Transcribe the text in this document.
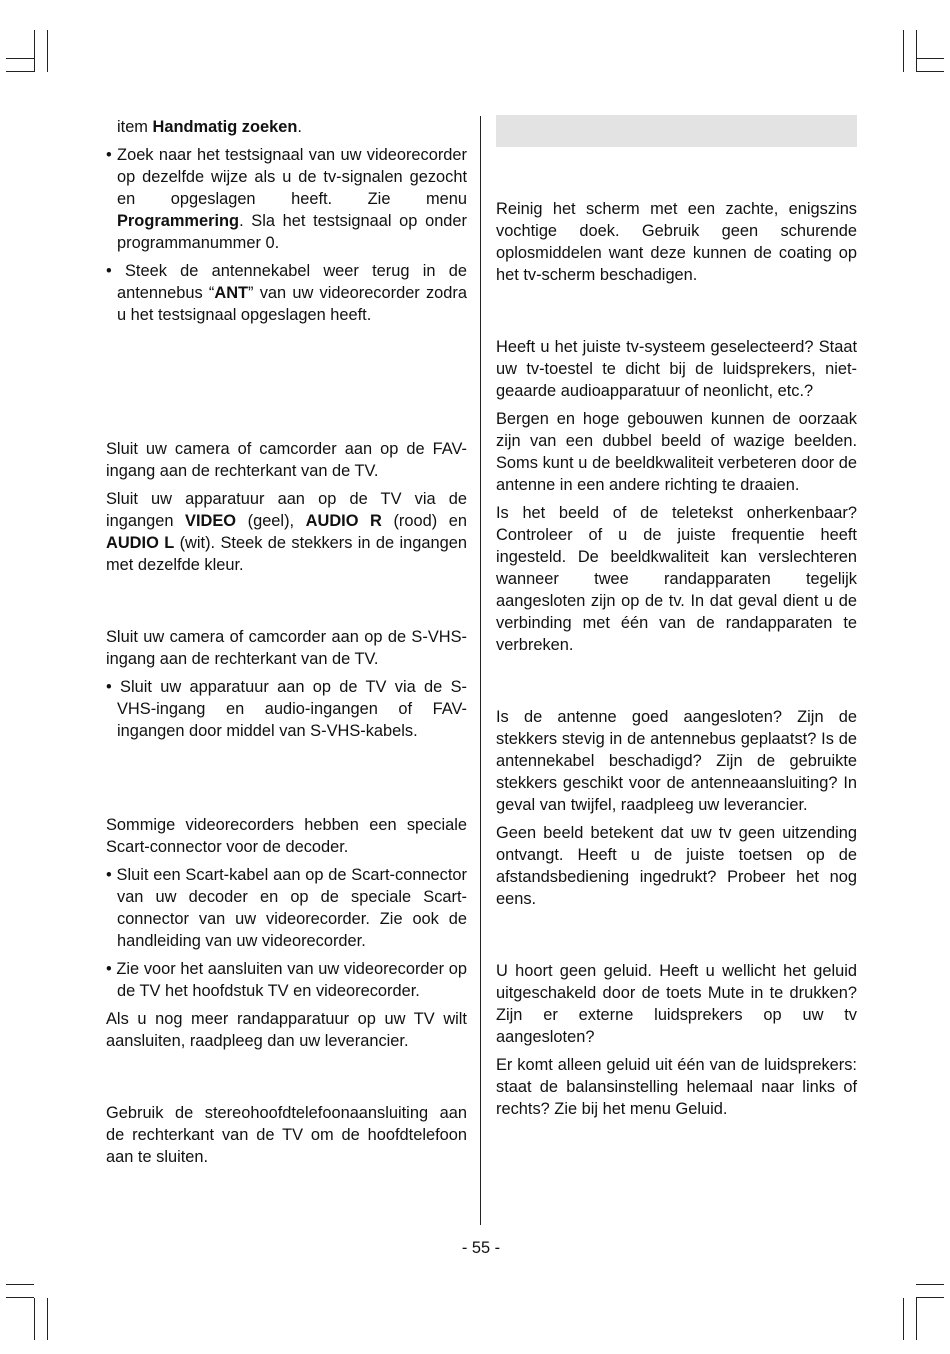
item Handmatig zoeken.

• Zoek naar het testsignaal van uw videorecorder op dezelfde wijze als u de tv-signalen gezocht en opgeslagen heeft. Zie menu Programmering. Sla het testsignaal op onder programmanummer 0.

• Steek de antennekabel weer terug in de antennebus “ANT” van uw videorecorder zodra u het testsignaal opgeslagen heeft.

Sluit uw camera of camcorder aan op de FAV-ingang aan de rechterkant van de TV.

Sluit uw apparatuur aan op de TV via de ingangen VIDEO (geel), AUDIO R (rood) en AUDIO L (wit). Steek de stekkers in de ingangen met dezelfde kleur.

Sluit uw camera of camcorder aan op de S-VHS-ingang aan de rechterkant van de TV.

• Sluit uw apparatuur aan op de TV via de S-VHS-ingang en audio-ingangen of FAV-ingangen door middel van S-VHS-kabels.

Sommige videorecorders hebben een speciale Scart-connector voor de decoder.

• Sluit een Scart-kabel aan op de Scart-connector van uw decoder en op de speciale Scart-connector van uw videorecorder. Zie ook de handleiding van uw videorecorder.

• Zie voor het aansluiten van uw videorecorder op de TV het hoofdstuk TV en videorecorder.

Als u nog meer randapparatuur op uw TV wilt aansluiten, raadpleeg dan uw leverancier.

Gebruik de stereohoofdtelefoonaansluiting aan de rechterkant van de TV om de hoofdtelefoon aan te sluiten.

Reinig het scherm met een zachte, enigszins vochtige doek. Gebruik geen schurende oplosmiddelen want deze kunnen de coating op het tv-scherm beschadigen.

Heeft u het juiste tv-systeem geselecteerd? Staat uw tv-toestel te dicht bij de luidsprekers, niet-geaarde audioapparatuur of neonlicht, etc.?

Bergen en hoge gebouwen kunnen de oorzaak zijn van een dubbel beeld of wazige beelden. Soms kunt u de beeldkwaliteit verbeteren door de antenne in een andere richting te draaien.

Is het beeld of de teletekst onherkenbaar? Controleer of u de juiste frequentie heeft ingesteld. De beeldkwaliteit kan verslechteren wanneer twee randapparaten tegelijk aangesloten zijn op de tv. In dat geval dient u de verbinding met één van de randapparaten te verbreken.

Is de antenne goed aangesloten? Zijn de stekkers stevig in de antennebus geplaatst? Is de antennekabel beschadigd? Zijn de gebruikte stekkers geschikt voor de antenneaansluiting? In geval van twijfel, raadpleeg uw leverancier.

Geen beeld betekent dat uw tv geen uitzending ontvangt. Heeft u de juiste toetsen op de afstandsbediening ingedrukt? Probeer het nog eens.

U hoort geen geluid. Heeft u wellicht het geluid uitgeschakeld door de toets Mute in te drukken? Zijn er externe luidsprekers op uw tv aangesloten?

Er komt alleen geluid uit één van de luidsprekers: staat de balansinstelling helemaal naar links of rechts? Zie bij het menu Geluid.

- 55 -
